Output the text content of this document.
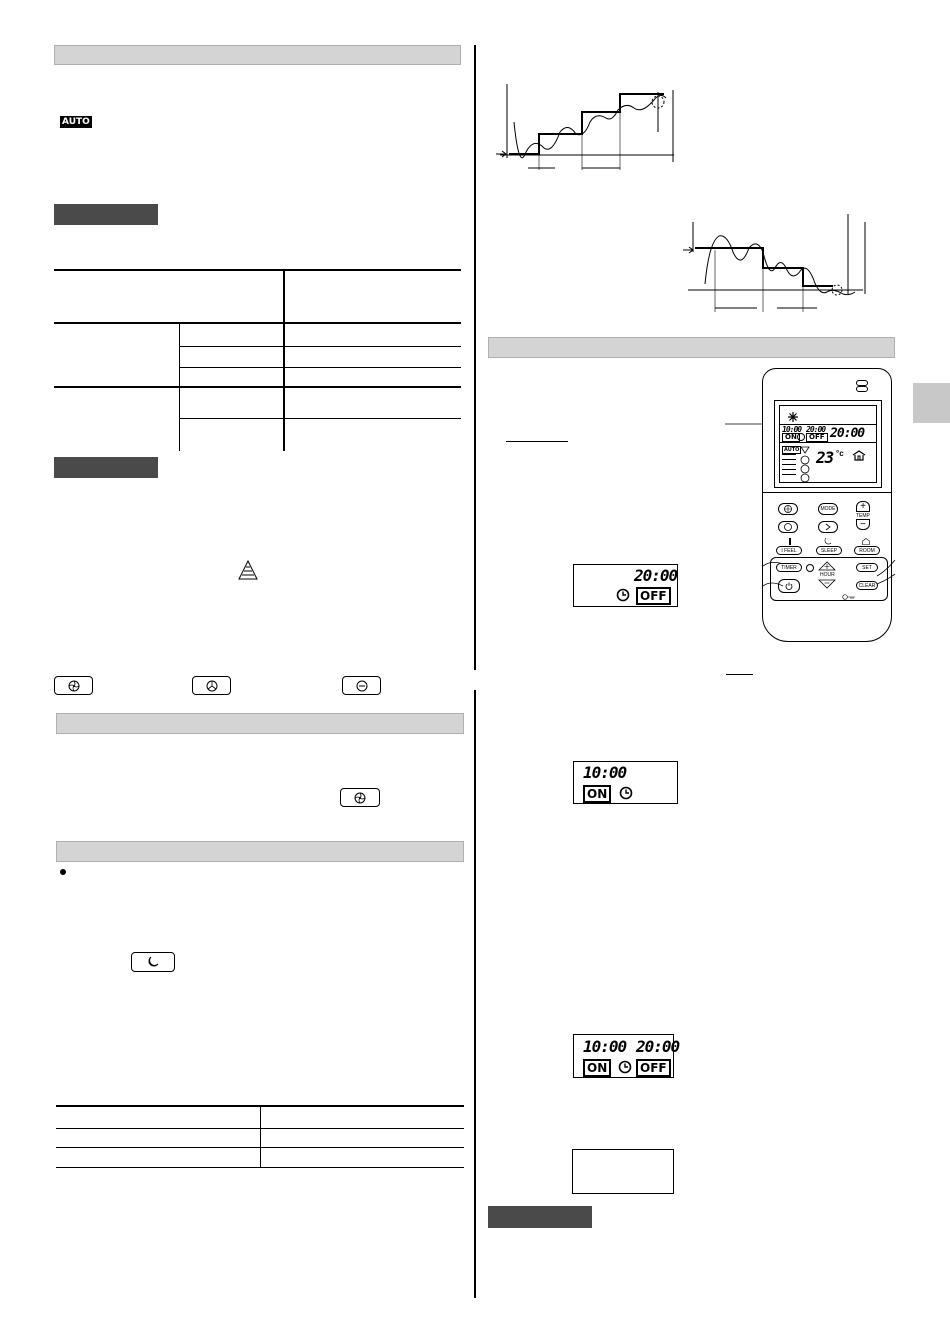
AUTO
20:00
OFF
10:00
ON
10:00 20:00
ON	OFF
10:00 20:00 20:00
ON	OFF
AUTO 23 °c
MODE	+
TEMP
−
I FEEL	SLEEP	ROOM
TIMER
HOUR
SET
CLEAR
